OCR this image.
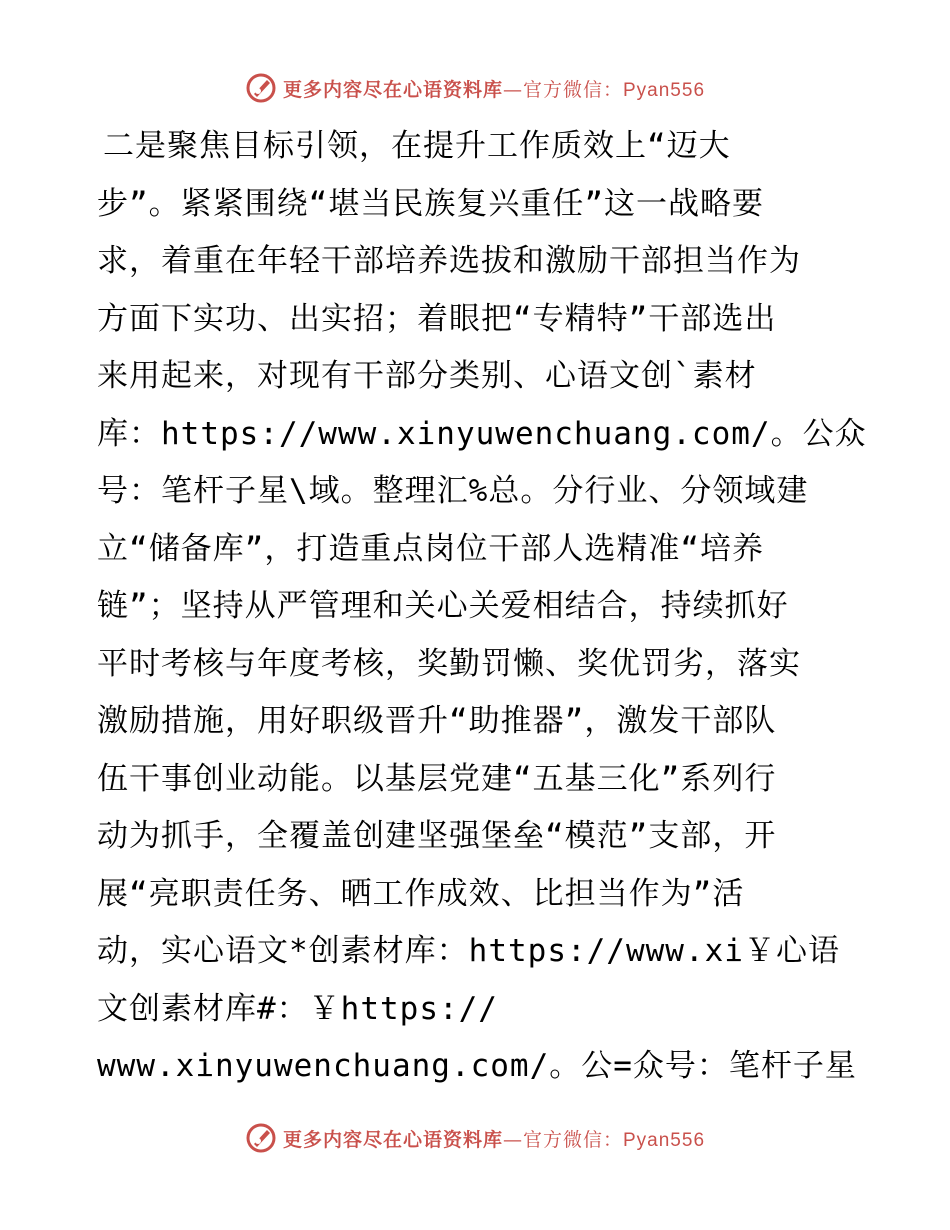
更多内容尽在心语资料库—官方微信：Pyan556
二是聚焦目标引领，在提升工作质效上“迈大
步”。紧紧围绕“堪当民族复兴重任”这一战略要
求，着重在年轻干部培养选拔和激励干部担当作为
方面下实功、出实招；着眼把“专精特”干部选出
来用起来，对现有干部分类别、心语文创`素材
库：https://www.xinyuwenchuang.com/。公众
号：笔杆子星\域。整理汇%总。分行业、分领域建
立“储备库”，打造重点岗位干部人选精准“培养
链”；坚持从严管理和关心关爱相结合，持续抓好
平时考核与年度考核，奖勤罚懒、奖优罚劣，落实
激励措施，用好职级晋升“助推器”，激发干部队
伍干事创业动能。以基层党建“五基三化”系列行
动为抓手，全覆盖创建坚强堡垒“模范”支部，开
展“亮职责任务、晒工作成效、比担当作为”活
动，实心语文*创素材库：https://www.xi￥心语
文创素材库#：￥https://
www.xinyuwenchuang.com/。公=众号：笔杆子星
更多内容尽在心语资料库—官方微信：Pyan556
